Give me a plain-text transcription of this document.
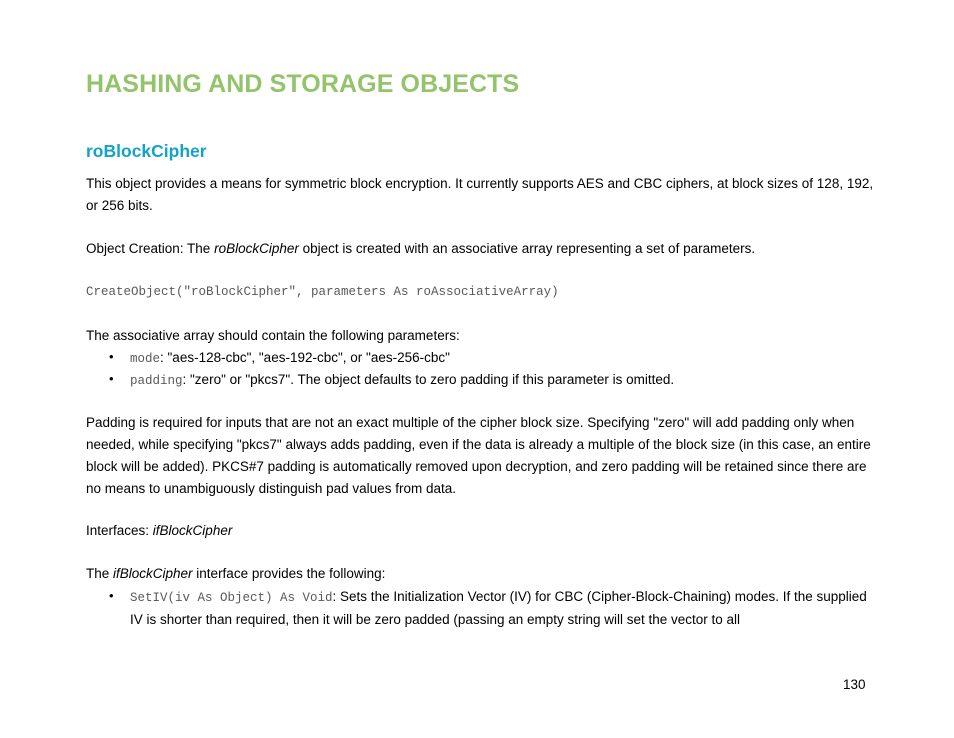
HASHING AND STORAGE OBJECTS
roBlockCipher

This object provides a means for symmetric block encryption. It currently supports AES and CBC ciphers, at block sizes of 128, 192, or 256 bits.

Object Creation: The roBlockCipher object is created with an associative array representing a set of parameters.

CreateObject("roBlockCipher", parameters As roAssociativeArray)

The associative array should contain the following parameters:

• mode: "aes-128-cbc", "aes-192-cbc", or "aes-256-cbc"

• padding: "zero" or "pkcs7". The object defaults to zero padding if this parameter is omitted.

Padding is required for inputs that are not an exact multiple of the cipher block size. Specifying "zero" will add padding only when needed, while specifying "pkcs7" always adds padding, even if the data is already a multiple of the block size (in this case, an entire block will be added). PKCS#7 padding is automatically removed upon decryption, and zero padding will be retained since there are no means to unambiguously distinguish pad values from data.

Interfaces: ifBlockCipher

The ifBlockCipher interface provides the following:

• SetIV(iv As Object) As Void: Sets the Initialization Vector (IV) for CBC (Cipher-Block-Chaining) modes. If the supplied IV is shorter than required, then it will be zero padded (passing an empty string will set the vector to all

130
